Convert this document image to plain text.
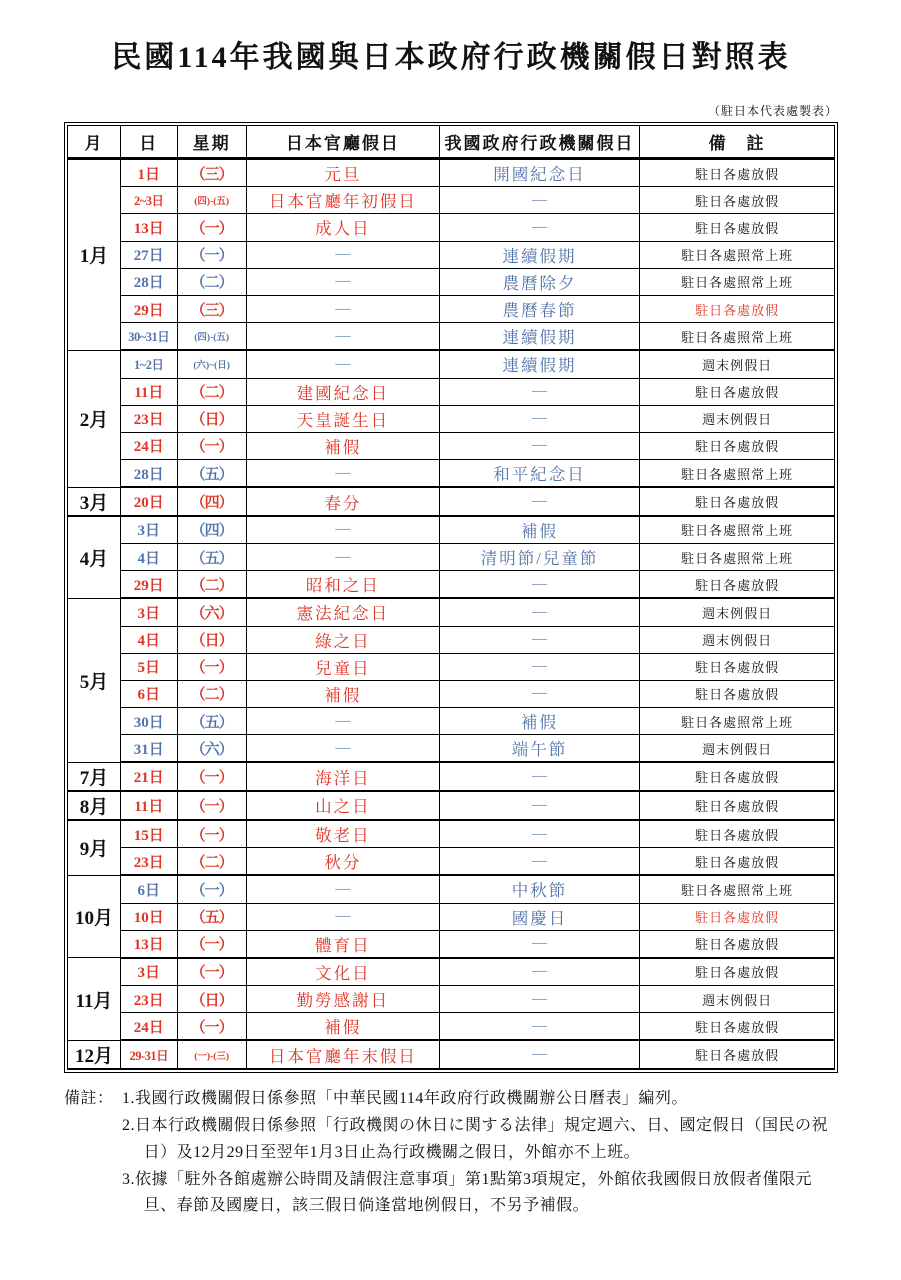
民國114年我國與日本政府行政機關假日對照表
（駐日本代表處製表）
月	日	星期	日本官廳假日	我國政府行政機關假日	備　註
1月	1日	（三）	元旦	開國紀念日	駐日各處放假
	2~3日	(四)-(五)	日本官廳年初假日	—	駐日各處放假
	13日	（一）	成人日	—	駐日各處放假
	27日	（一）	—	連續假期	駐日各處照常上班
	28日	（二）	—	農曆除夕	駐日各處照常上班
	29日	（三）	—	農曆春節	駐日各處放假
	30~31日	(四)-(五)	—	連續假期	駐日各處照常上班
2月	1~2日	(六)~(日)	—	連續假期	週末例假日
	11日	（二）	建國紀念日	—	駐日各處放假
	23日	（日）	天皇誕生日	—	週末例假日
	24日	（一）	補假	—	駐日各處放假
	28日	（五）	—	和平紀念日	駐日各處照常上班
3月	20日	（四）	春分	—	駐日各處放假
4月	3日	（四）	—	補假	駐日各處照常上班
	4日	（五）	—	清明節/兒童節	駐日各處照常上班
	29日	（二）	昭和之日	—	駐日各處放假
5月	3日	（六）	憲法紀念日	—	週末例假日
	4日	（日）	綠之日	—	週末例假日
	5日	（一）	兒童日	—	駐日各處放假
	6日	（二）	補假	—	駐日各處放假
	30日	（五）	—	補假	駐日各處照常上班
	31日	（六）	—	端午節	週末例假日
7月	21日	（一）	海洋日	—	駐日各處放假
8月	11日	（一）	山之日	—	駐日各處放假
9月	15日	（一）	敬老日	—	駐日各處放假
	23日	（二）	秋分	—	駐日各處放假
10月	6日	（一）	—	中秋節	駐日各處照常上班
	10日	（五）	—	國慶日	駐日各處放假
	13日	（一）	體育日	—	駐日各處放假
11月	3日	（一）	文化日	—	駐日各處放假
	23日	（日）	勤勞感謝日	—	週末例假日
	24日	（一）	補假	—	駐日各處放假
12月	29-31日	(一)-(三)	日本官廳年末假日	—	駐日各處放假
備註： 1.我國行政機關假日係參照「中華民國114年政府行政機關辦公日曆表」編列。
2.日本行政機關假日係參照「行政機関の休日に関する法律」規定週六、日、國定假日（国民の祝日）及12月29日至翌年1月3日止為行政機關之假日，外館亦不上班。
3.依據「駐外各館處辦公時間及請假注意事項」第1點第3項規定，外館依我國假日放假者僅限元旦、春節及國慶日，該三假日倘逢當地例假日，不另予補假。
